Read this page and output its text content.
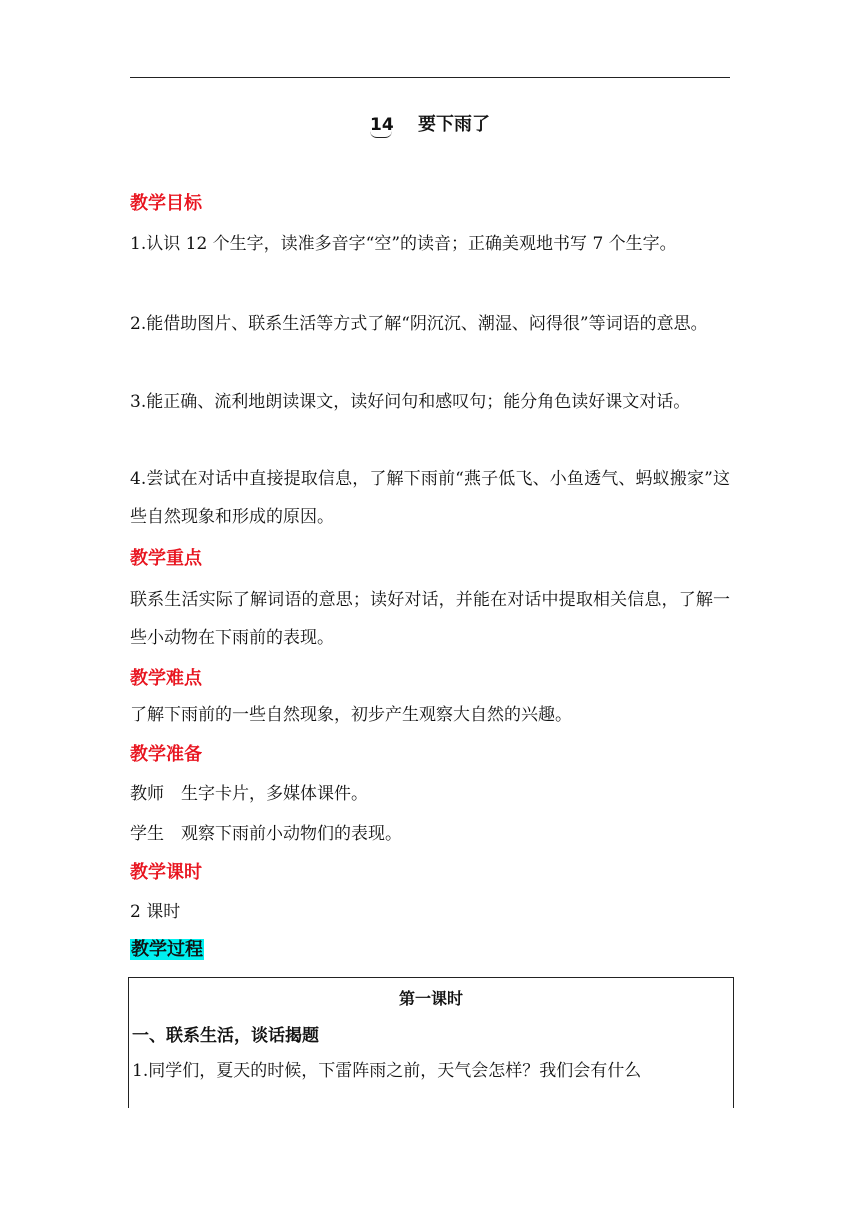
14 要下雨了
教学目标
1.认识 12 个生字，读准多音字“空”的读音；正确美观地书写 7 个生字。
2.能借助图片、联系生活等方式了解“阴沉沉、潮湿、闷得很”等词语的意思。
3.能正确、流利地朗读课文，读好问句和感叹句；能分角色读好课文对话。
4.尝试在对话中直接提取信息，了解下雨前“燕子低飞、小鱼透气、蚂蚁搬家”这些自然现象和形成的原因。
教学重点
联系生活实际了解词语的意思；读好对话，并能在对话中提取相关信息，了解一些小动物在下雨前的表现。
教学难点
了解下雨前的一些自然现象，初步产生观察大自然的兴趣。
教学准备
教师　生字卡片，多媒体课件。
学生　观察下雨前小动物们的表现。
教学课时
2 课时
教学过程
第一课时
一、联系生活，谈话揭题
1.同学们，夏天的时候，下雷阵雨之前，天气会怎样？我们会有什么
